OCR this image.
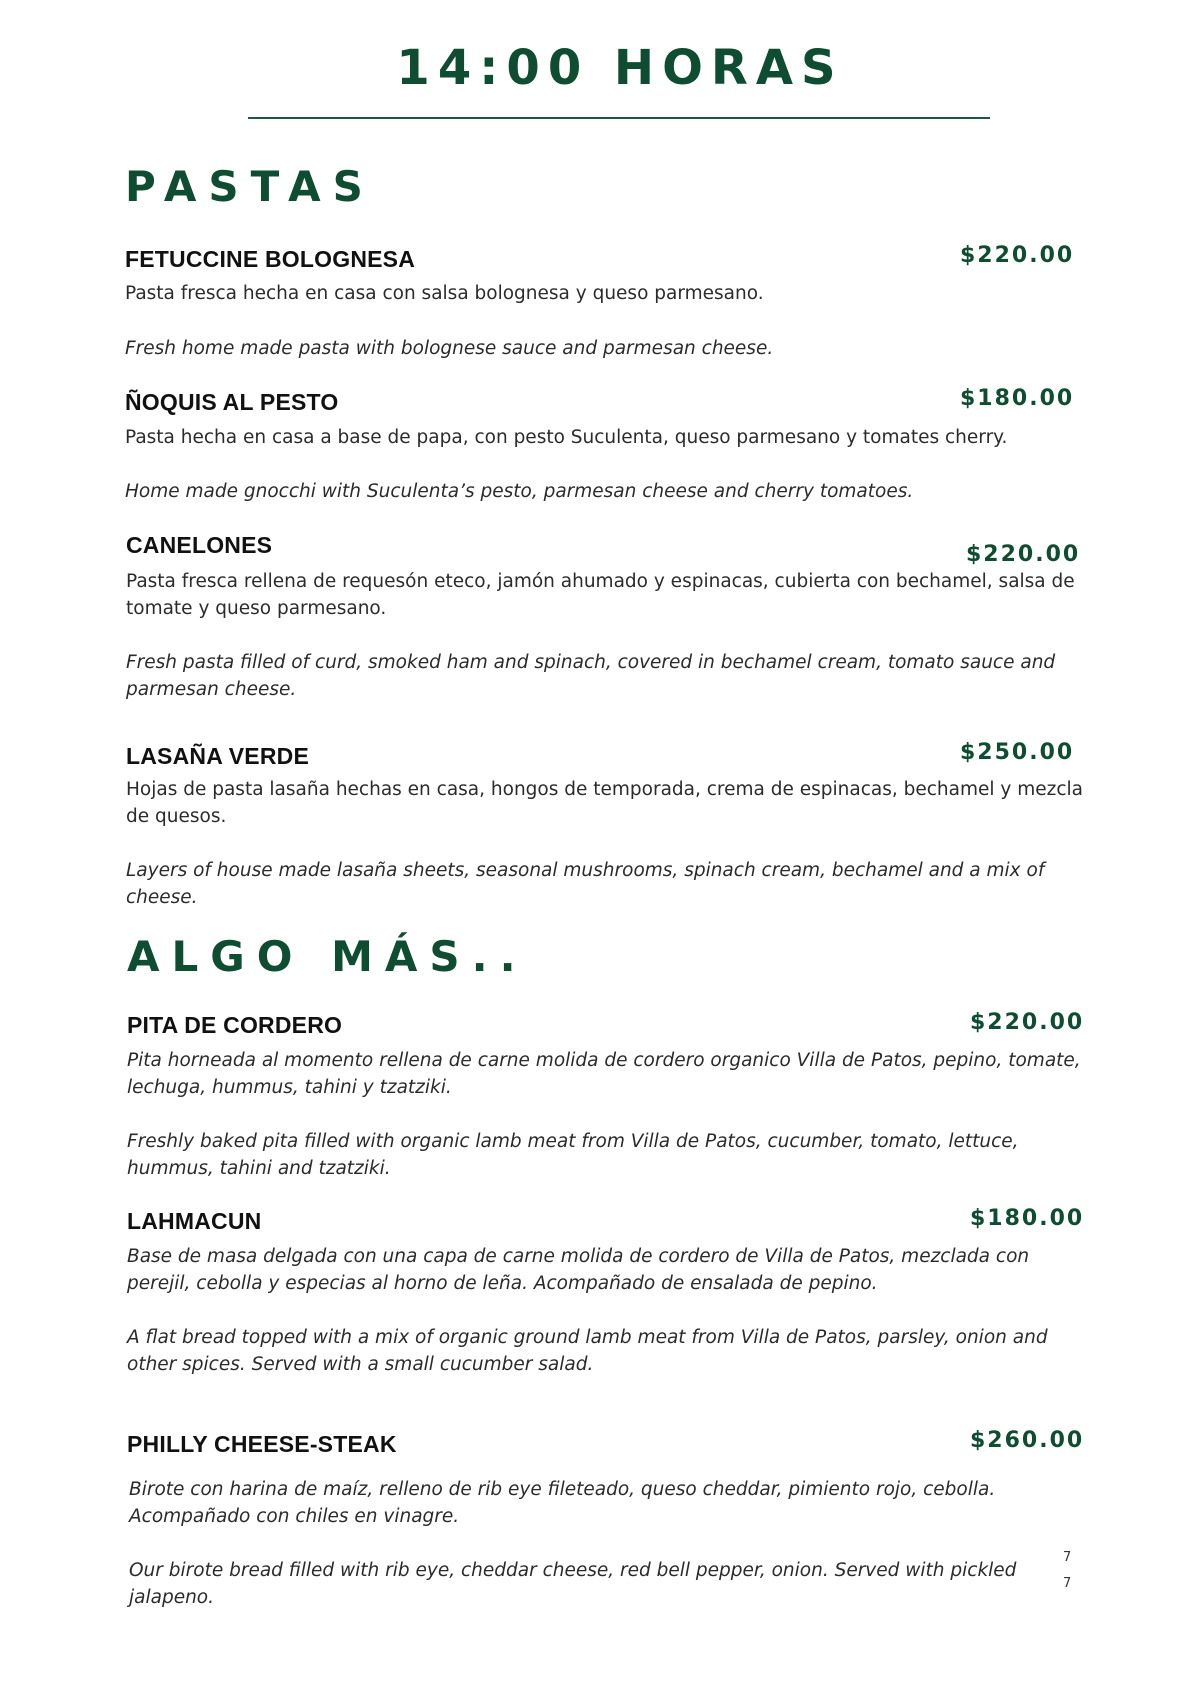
14:00 HORAS
PASTAS
FETUCCINE BOLOGNESA	$220.00
Pasta fresca hecha en casa con salsa bolognesa y queso parmesano.
Fresh home made pasta with bolognese sauce and parmesan cheese.
ÑOQUIS AL PESTO	$180.00
Pasta hecha en casa a base de papa, con pesto Suculenta, queso parmesano y tomates cherry.
Home made gnocchi with Suculenta’s pesto, parmesan cheese and cherry tomatoes.
CANELONES	$220.00
Pasta fresca rellena de requesón eteco, jamón ahumado y espinacas, cubierta con bechamel, salsa de tomate y queso parmesano.
Fresh pasta filled of curd, smoked ham and spinach, covered in bechamel cream, tomato sauce and parmesan cheese.
LASAÑA VERDE	$250.00
Hojas de pasta lasaña hechas en casa, hongos de temporada, crema de espinacas, bechamel y mezcla de quesos.
Layers of house made lasaña sheets, seasonal mushrooms, spinach cream, bechamel and a mix of cheese.
ALGO MÁS..
PITA DE CORDERO	$220.00
Pita horneada al momento rellena de carne molida de cordero organico Villa de Patos, pepino, tomate, lechuga, hummus, tahini y tzatziki.
Freshly baked pita filled with organic lamb meat from Villa de Patos, cucumber, tomato, lettuce, hummus, tahini and tzatziki.
LAHMACUN	$180.00
Base de masa delgada con una capa de carne molida de cordero de Villa de Patos, mezclada con perejil, cebolla y especias al horno de leña. Acompañado de ensalada de pepino.
A flat bread topped with a mix of organic ground lamb meat from Villa de Patos, parsley, onion and other spices. Served with a small cucumber salad.
PHILLY CHEESE-STEAK	$260.00
Birote con harina de maíz, relleno de rib eye fileteado, queso cheddar, pimiento rojo, cebolla. Acompañado con chiles en vinagre.
Our birote bread filled with rib eye, cheddar cheese, red bell pepper, onion. Served with pickled jalapeno.
7
7
